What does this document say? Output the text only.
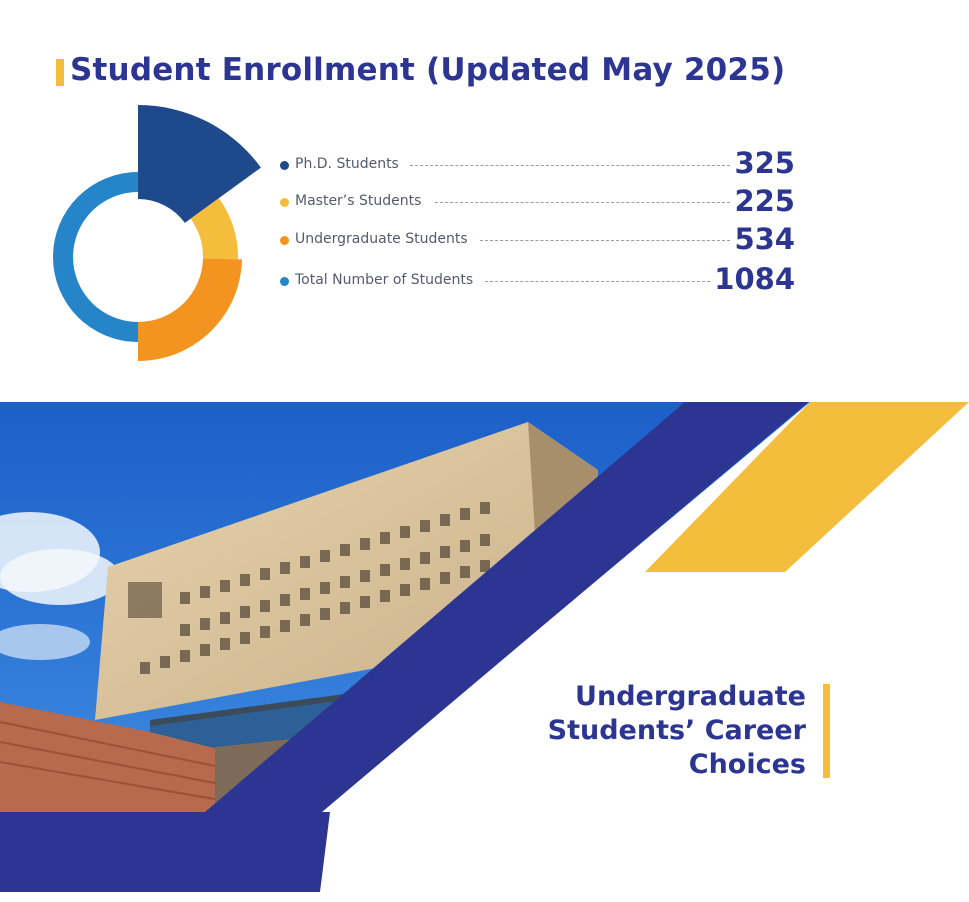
Student Enrollment (Updated May 2025)
Ph.D. Students	325
Master’s Students	225
Undergraduate Students	534
Total Number of Students	1084
Undergraduate
Students’ Career
Choices
